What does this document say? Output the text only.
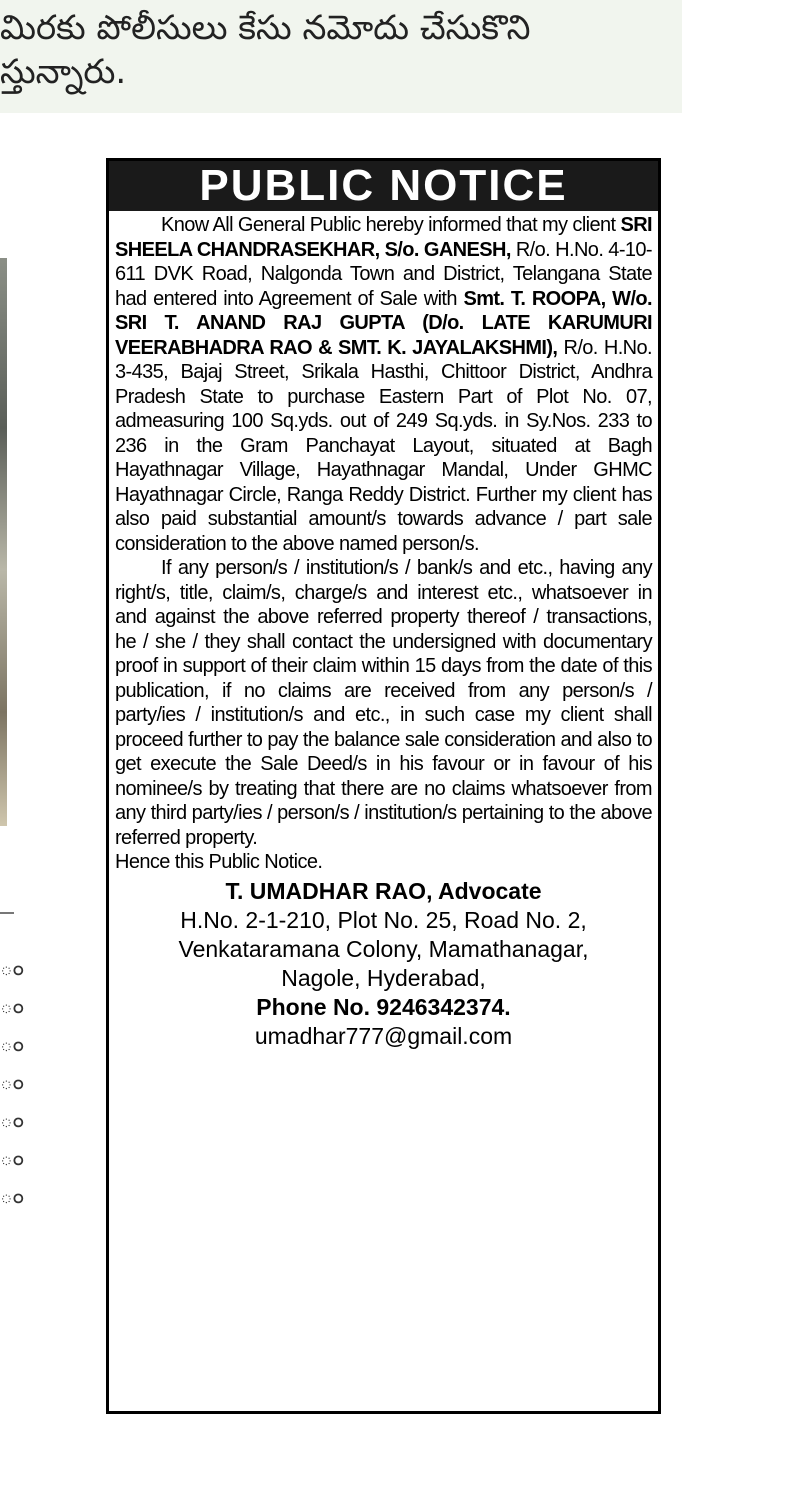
మిరకు పోలీసులు కేసు నమోదు చేసుకొని
స్తున్నారు.
ం
ం
ం
ం
ం
ం
ం
PUBLIC NOTICE

Know All General Public hereby informed that my client SRI SHEELA CHANDRASEKHAR, S/o. GANESH, R/o. H.No. 4-10-611 DVK Road, Nalgonda Town and District, Telangana State had entered into Agreement of Sale with Smt. T. ROOPA, W/o. SRI T. ANAND RAJ GUPTA (D/o. LATE KARUMURI VEERABHADRA RAO & SMT. K. JAYALAKSHMI), R/o. H.No. 3-435, Bajaj Street, Srikala Hasthi, Chittoor District, Andhra Pradesh State to purchase Eastern Part of Plot No. 07, admeasuring 100 Sq.yds. out of 249 Sq.yds. in Sy.Nos. 233 to 236 in the Gram Panchayat Layout, situated at Bagh Hayathnagar Village, Hayathnagar Mandal, Under GHMC Hayathnagar Circle, Ranga Reddy District. Further my client has also paid substantial amount/s towards advance / part sale consideration to the above named person/s.

If any person/s / institution/s / bank/s and etc., having any right/s, title, claim/s, charge/s and interest etc., whatsoever in and against the above referred property thereof / transactions, he / she / they shall contact the undersigned with documentary proof in support of their claim within 15 days from the date of this publication, if no claims are received from any person/s / party/ies / institution/s and etc., in such case my client shall proceed further to pay the balance sale consideration and also to get execute the Sale Deed/s in his favour or in favour of his nominee/s by treating that there are no claims whatsoever from any third party/ies / person/s / institution/s pertaining to the above referred property.

Hence this Public Notice.

T. UMADHAR RAO, Advocate
H.No. 2-1-210, Plot No. 25, Road No. 2,
Venkataramana Colony, Mamathanagar,
Nagole, Hyderabad,
Phone No. 9246342374.
umadhar777@gmail.com
